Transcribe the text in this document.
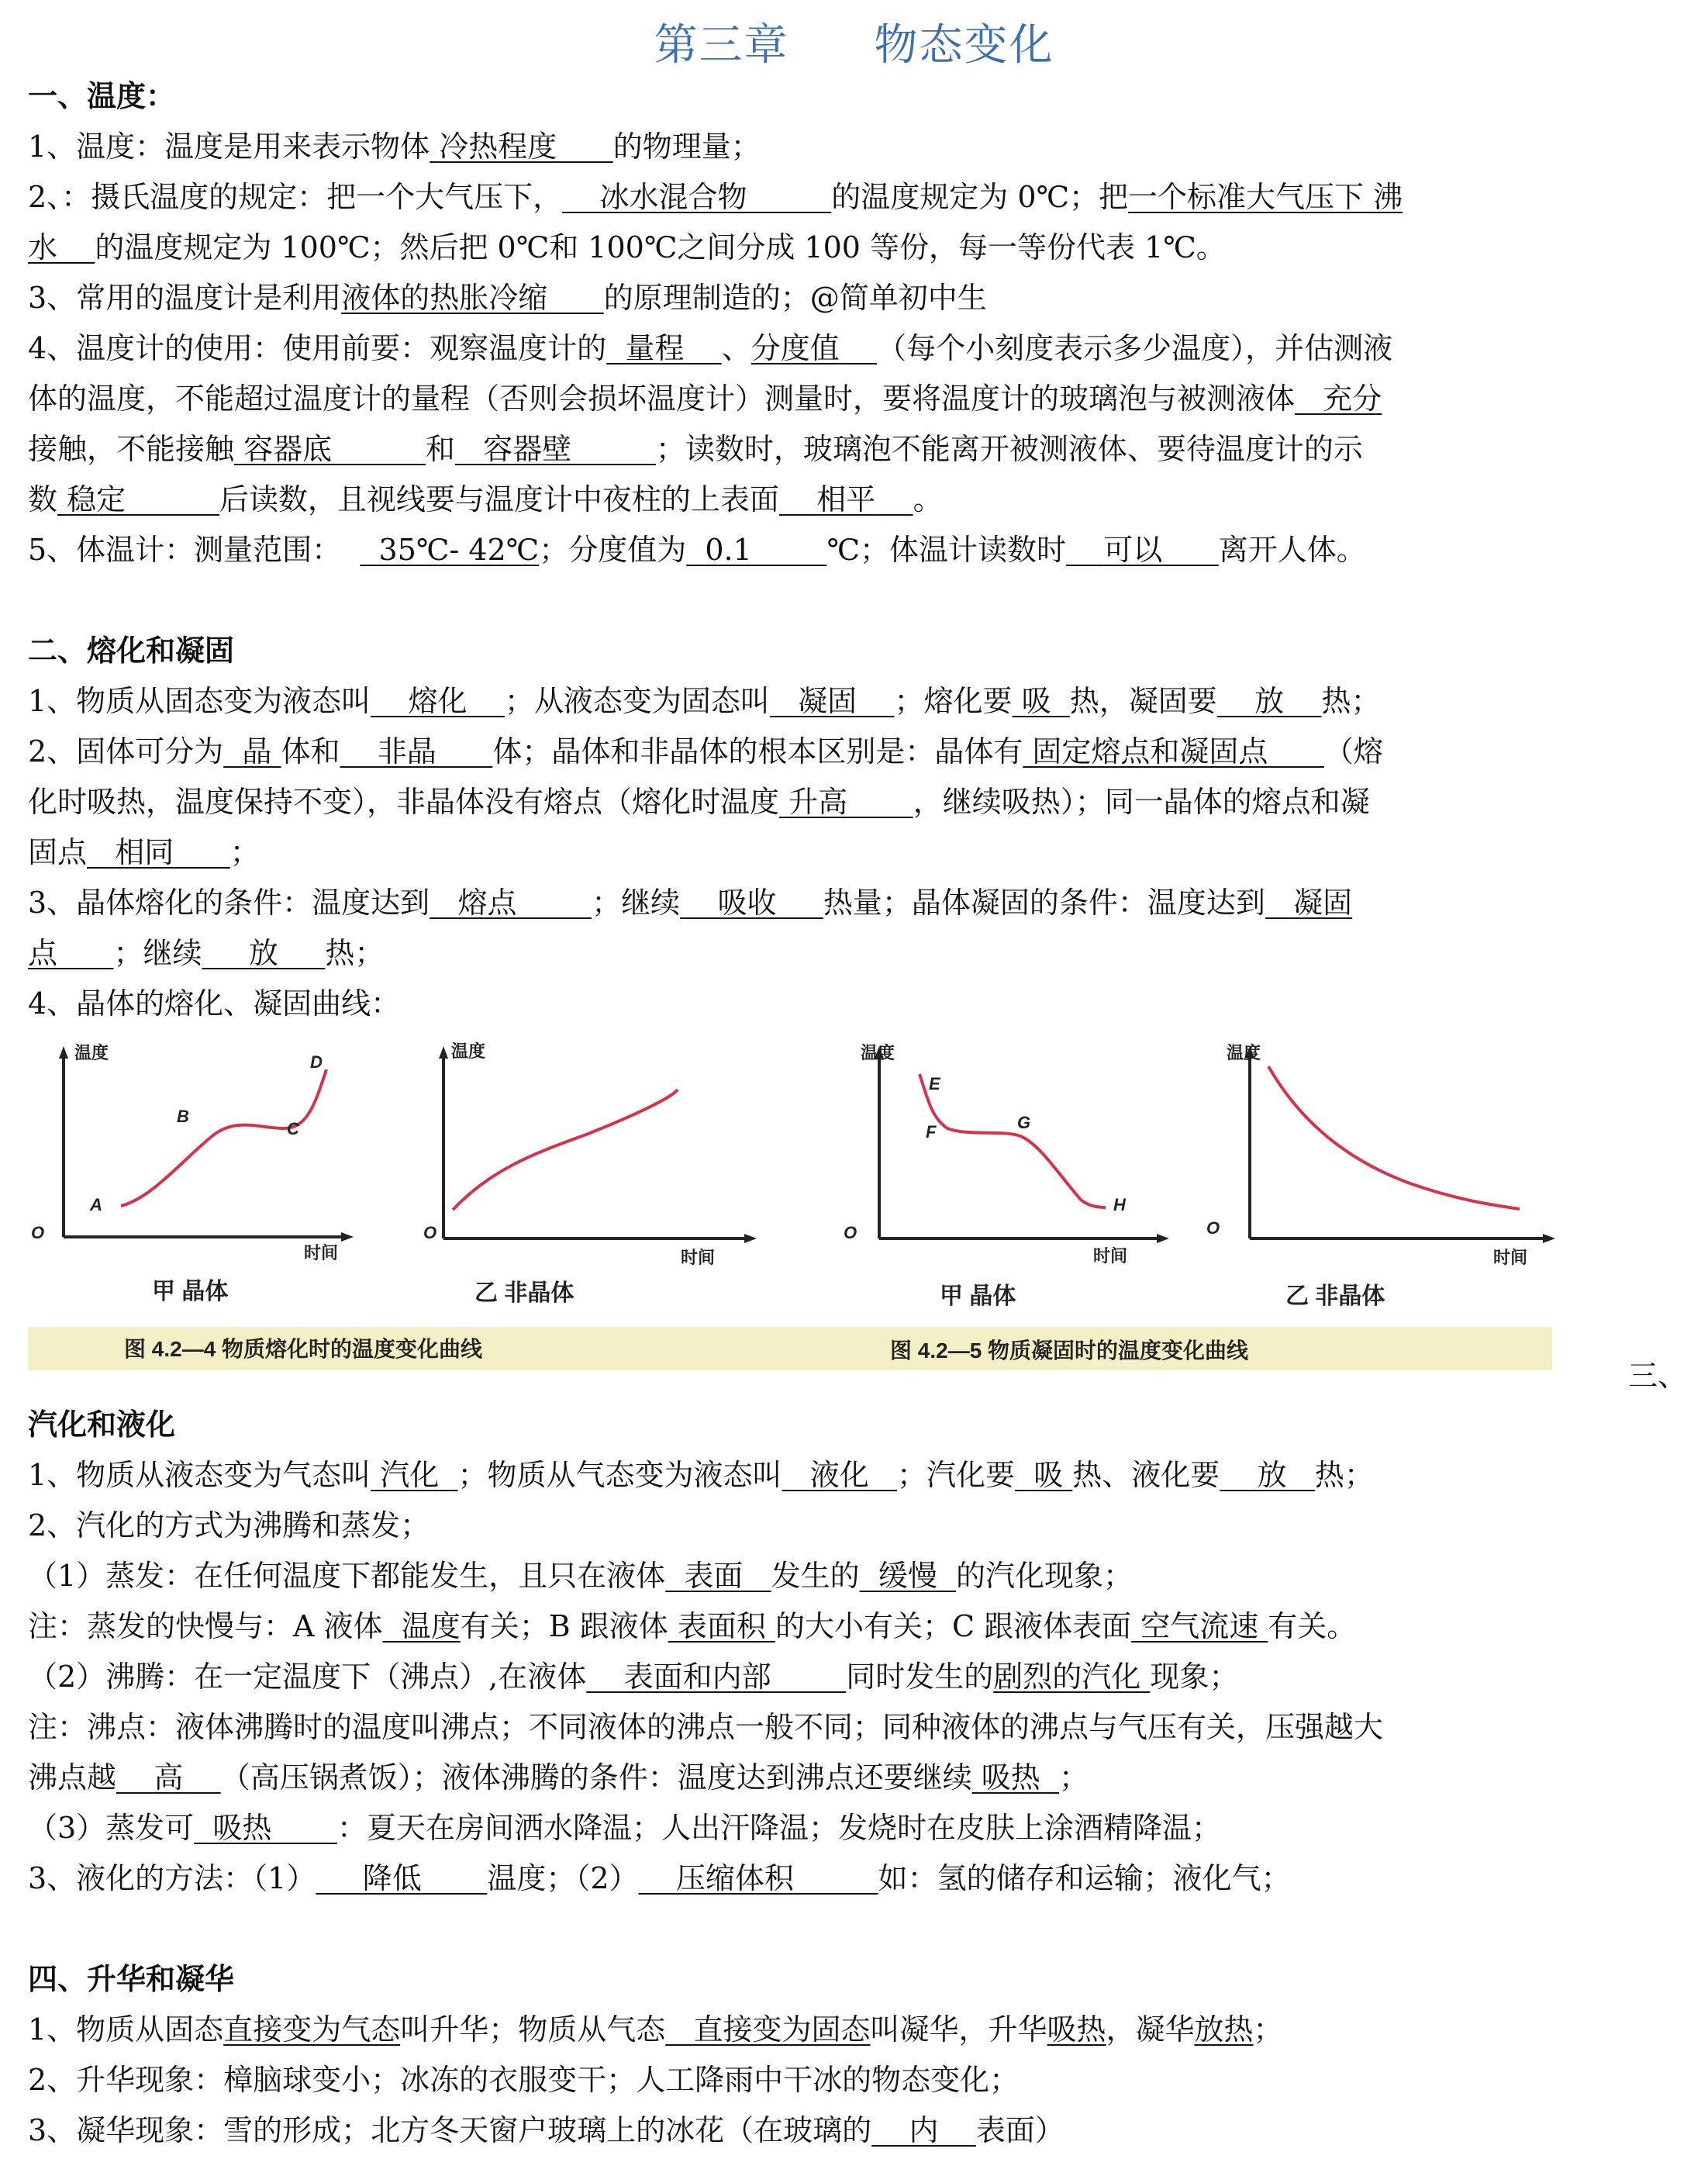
第三章 物态变化
一、温度：
1、温度：温度是用来表示物体 冷热程度 的物理量；
2、：摄氏温度的规定：把一个大气压下， 冰水混合物	的温度规定为 0℃；把一个标准大气压下 沸
水 的温度规定为 100℃；然后把 0℃和 100℃之间分成 100 等份，每一等份代表 1℃。
3、常用的温度计是利用液体的热胀冷缩 的原理制造的；@简单初中生
4、温度计的使用：使用前要：观察温度计的 量程 、分度值 （每个小刻度表示多少温度），并估测液
体的温度，不能超过温度计的量程（否则会损坏温度计）测量时，要将温度计的玻璃泡与被测液体 充分
接触，不能接触 容器底	和 容器壁	；读数时，玻璃泡不能离开被测液体、要待温度计的示
数 稳定	后读数，且视线要与温度计中夜柱的上表面 相平 。
5、体温计：测量范围： 35℃- 42℃；分度值为 0.1	℃；体温计读数时 可以 离开人体。
二、熔化和凝固
1、物质从固态变为液态叫 熔化 ；从液态变为固态叫 凝固 ；熔化要 吸 热，凝固要 放 热；
2、固体可分为 晶 体和 非晶 体；晶体和非晶体的根本区别是：晶体有 固定熔点和凝固点 （熔
化时吸热，温度保持不变），非晶体没有熔点（熔化时温度 升高 ，继续吸热）；同一晶体的熔点和凝
固点 相同 ；
3、晶体熔化的条件：温度达到 熔点	；继续 吸收 热量；晶体凝固的条件：温度达到 凝固
点 ；继续 放 热；
4、晶体的熔化、凝固曲线：
温度
O
时间
A
B
C
D
甲 晶体
温度
O
时间
乙 非晶体
温度
O
时间
E
F	G
H
甲 晶体
温度
O
时间
乙 非晶体
图 4.2—4 物质熔化时的温度变化曲线	图 4.2—5 物质凝固时的温度变化曲线
三、
汽化和液化
1、物质从液态变为气态叫 汽化 ；物质从气态变为液态叫 液化 ；汽化要 吸 热、液化要 放 热；
2、汽化的方式为沸腾和蒸发；
（1）蒸发：在任何温度下都能发生，且只在液体 表面 发生的 缓慢 的汽化现象；
注：蒸发的快慢与：A 液体 温度有关；B 跟液体 表面积 的大小有关；C 跟液体表面 空气流速 有关。
（2）沸腾：在一定温度下（沸点）,在液体 表面和内部	同时发生的剧烈的汽化 现象；
注：沸点：液体沸腾时的温度叫沸点；不同液体的沸点一般不同；同种液体的沸点与气压有关，压强越大
沸点越 高 （高压锅煮饭）；液体沸腾的条件：温度达到沸点还要继续 吸热 ；
（3）蒸发可 吸热 ：夏天在房间洒水降温；人出汗降温；发烧时在皮肤上涂酒精降温；
3、液化的方法：（1） 降低 温度；（2） 压缩体积	如：氢的储存和运输；液化气；
四、升华和凝华
1、物质从固态直接变为气态叫升华；物质从气态 直接变为固态叫凝华，升华吸热，凝华放热；
2、升华现象：樟脑球变小；冰冻的衣服变干；人工降雨中干冰的物态变化；
3、凝华现象：雪的形成；北方冬天窗户玻璃上的冰花（在玻璃的 内 表面）
